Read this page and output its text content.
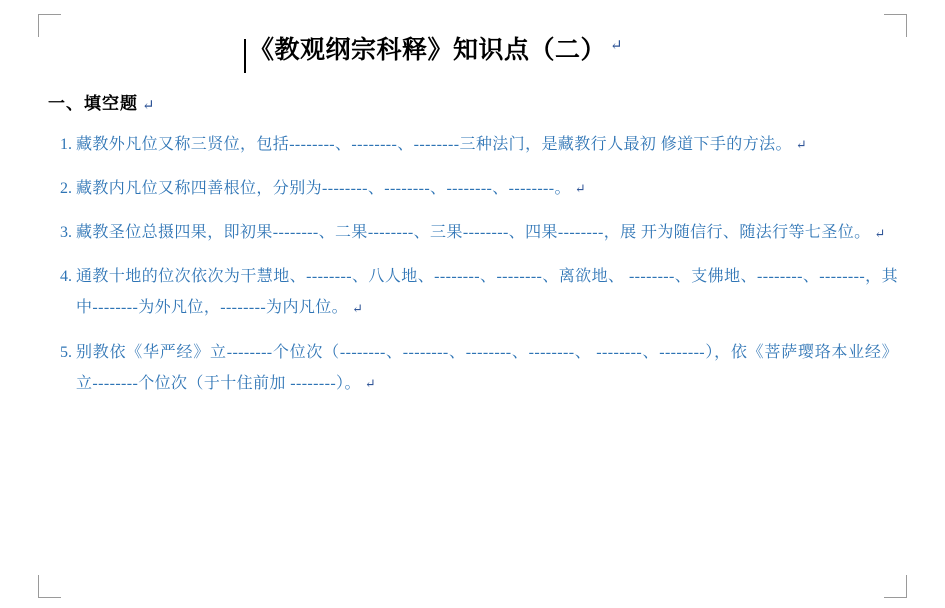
《教观纲宗科释》知识点（二） ↵
一、填空题 ↵
1. 藏教外凡位又称三贤位，包括--------、--------、--------三种法门，是藏教行人最初 修道下手的方法。 ↵
2. 藏教内凡位又称四善根位，分别为--------、--------、--------、--------。 ↵
3. 藏教圣位总摄四果，即初果--------、二果--------、三果--------、四果--------，展 开为随信行、随法行等七圣位。 ↵
4. 通教十地的位次依次为干慧地、--------、八人地、--------、--------、离欲地、 --------、支佛地、--------、--------，其中--------为外凡位，--------为内凡位。 ↵
5. 别教依《华严经》立--------个位次（--------、--------、--------、--------、 --------、--------），依《菩萨璎珞本业经》立--------个位次（于十住前加 --------）。 ↵
